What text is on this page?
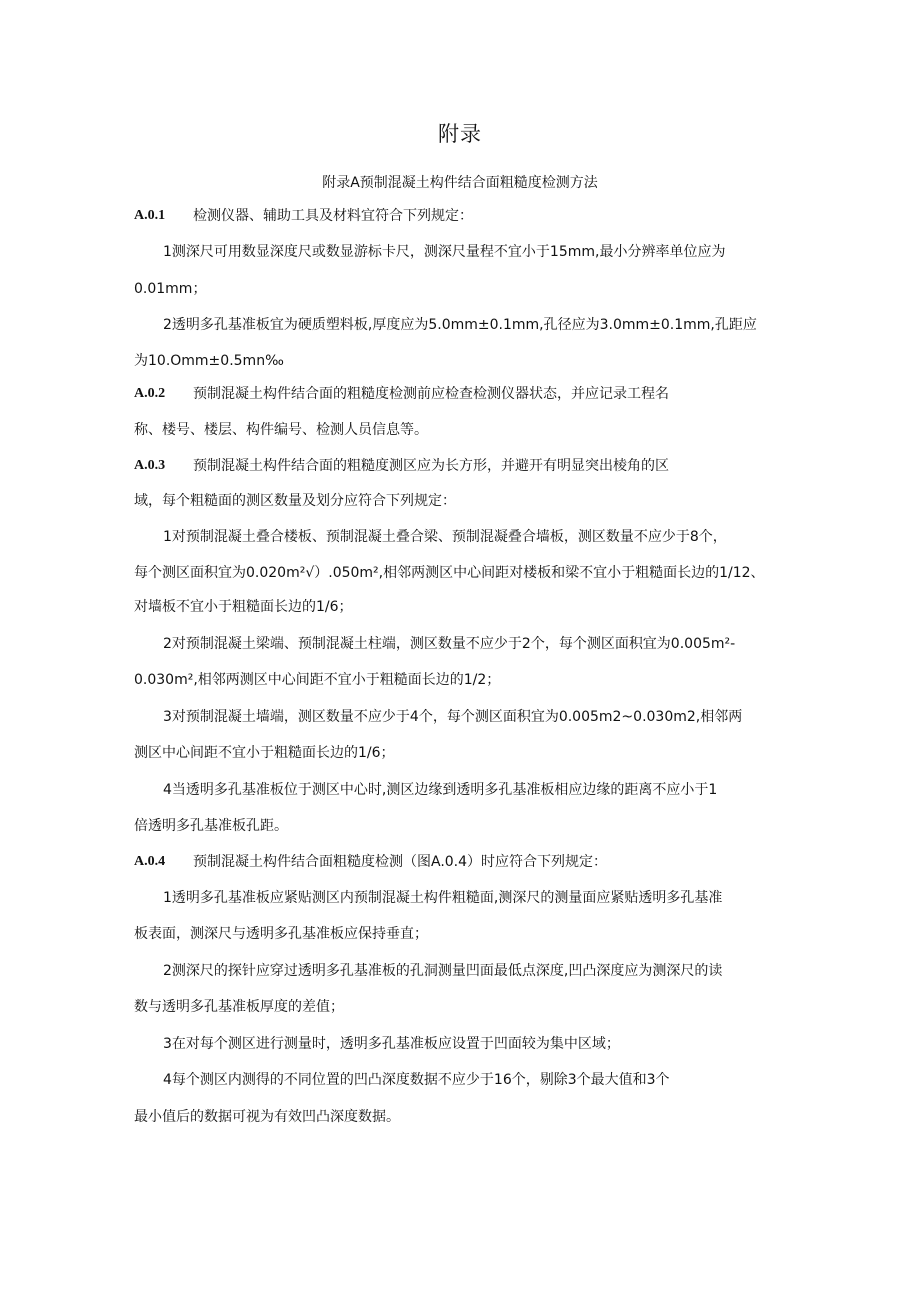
附录
附录A预制混凝土构件结合面粗糙度检测方法
A.0.1 检测仪器、辅助工具及材料宜符合下列规定：
1测深尺可用数显深度尺或数显游标卡尺，测深尺量程不宜小于15mm,最小分辨率单位应为
0.01mm；
2透明多孔基准板宜为硬质塑料板,厚度应为5.0mm±0.1mm,孔径应为3.0mm±0.1mm,孔距应
为10.Omm±0.5mn‰
A.0.2 预制混凝土构件结合面的粗糙度检测前应检查检测仪器状态，并应记录工程名
称、楼号、楼层、构件编号、检测人员信息等。
A.0.3 预制混凝土构件结合面的粗糙度测区应为长方形，并避开有明显突出棱角的区
域，每个粗糙面的测区数量及划分应符合下列规定：
1对预制混凝土叠合楼板、预制混凝土叠合梁、预制混凝叠合墙板，测区数量不应少于8个，
每个测区面积宜为0.020m²√）.050m²,相邻两测区中心间距对楼板和梁不宜小于粗糙面长边的1/12、
对墙板不宜小于粗糙面长边的1/6；
2对预制混凝土梁端、预制混凝土柱端，测区数量不应少于2个，每个测区面积宜为0.005m²-
0.030m²,相邻两测区中心间距不宜小于粗糙面长边的1/2；
3对预制混凝土墙端，测区数量不应少于4个，每个测区面积宜为0.005m2~0.030m2,相邻两
测区中心间距不宜小于粗糙面长边的1/6；
4当透明多孔基准板位于测区中心时,测区边缘到透明多孔基准板相应边缘的距离不应小于1
倍透明多孔基准板孔距。
A.0.4 预制混凝土构件结合面粗糙度检测（图A.0.4）时应符合下列规定：
1透明多孔基准板应紧贴测区内预制混凝土构件粗糙面,测深尺的测量面应紧贴透明多孔基准
板表面，测深尺与透明多孔基准板应保持垂直；
2测深尺的探针应穿过透明多孔基准板的孔洞测量凹面最低点深度,凹凸深度应为测深尺的读
数与透明多孔基准板厚度的差值；
3在对每个测区进行测量时，透明多孔基准板应设置于凹面较为集中区域；
4每个测区内测得的不同位置的凹凸深度数据不应少于16个，剔除3个最大值和3个
最小值后的数据可视为有效凹凸深度数据。
